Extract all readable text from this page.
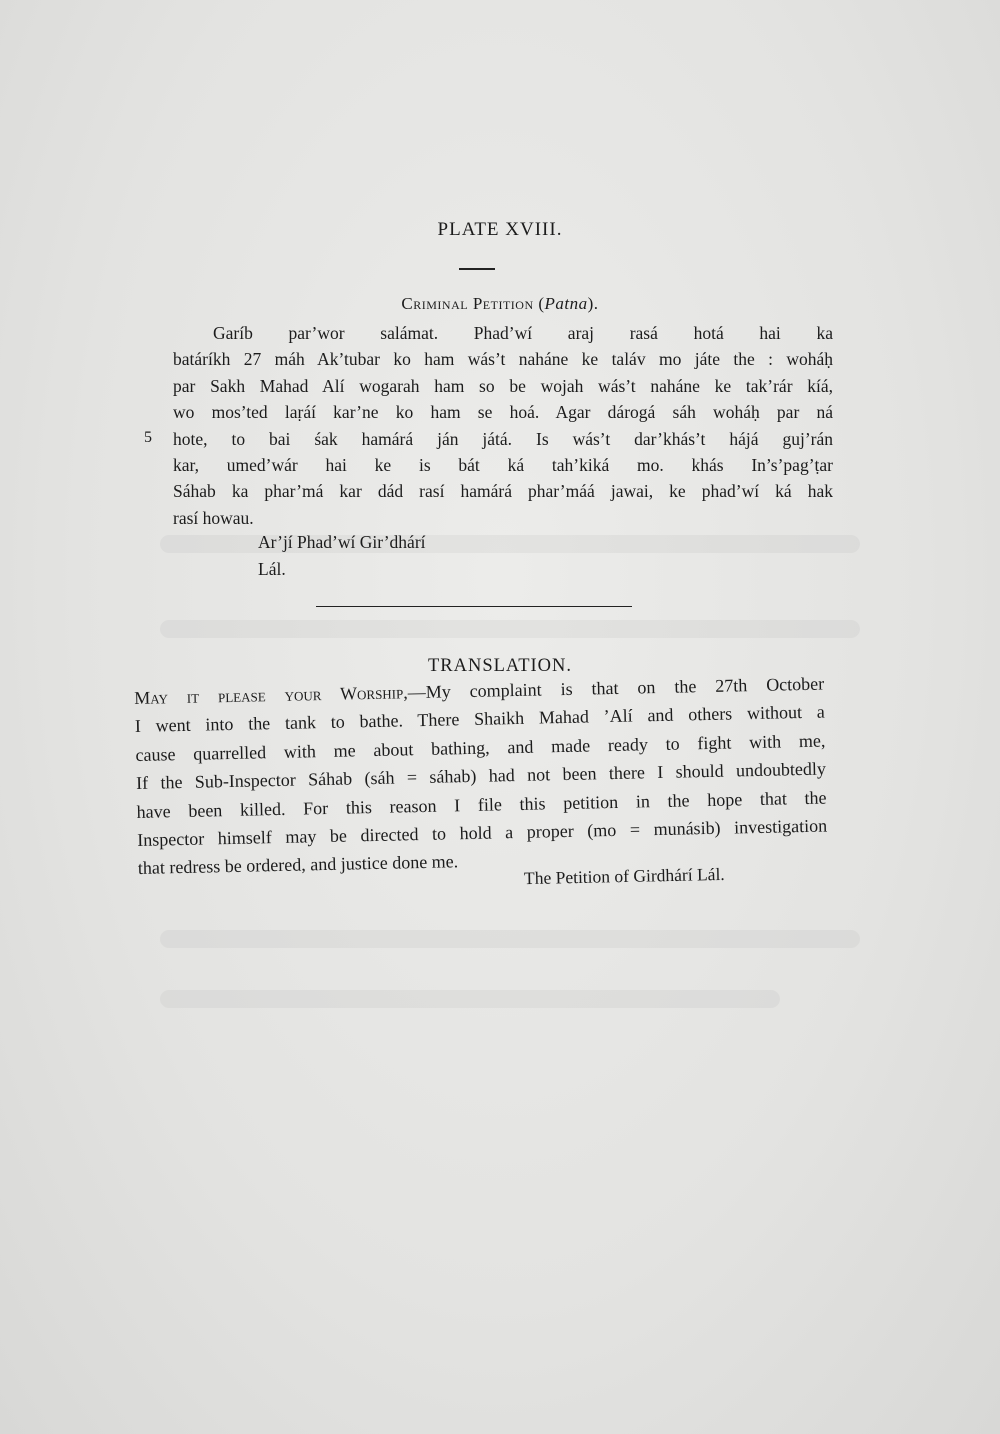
PLATE XVIII.
Criminal Petition (Patna).
5
Garíb par’wor salámat. Phad’wí araj rasá hotá hai ka
batáríkh 27 máh Ak’tubar ko ham wás’t naháne ke taláv mo játe the : woháḥ
par Sakh Mahad Alí wogarah ham so be wojah wás’t naháne ke tak’rár kíá,
wo mos’ted laṛáí kar’ne ko ham se hoá. Agar dárogá sáh woháḥ par ná
hote, to bai śak hamárá ján játá. Is wás’t dar’khás’t hájá guj’rán
kar, umed’wár hai ke is bát ká tah’kiká mo. khás In’s’pag’ṭar
Sáhab ka phar’má kar dád rasí hamárá phar’máá jawai, ke phad’wí ká hak
rasí howau.
Ar’jí Phad’wí Gir’dhárí
Lál.
TRANSLATION.
May it please your Worship,—My complaint is that on the 27th October
I went into the tank to bathe. There Shaikh Mahad ’Alí and others without a
cause quarrelled with me about bathing, and made ready to fight with me,
If the Sub-Inspector Sáhab (sáh = sáhab) had not been there I should undoubtedly
have been killed. For this reason I file this petition in the hope that the
Inspector himself may be directed to hold a proper (mo = munásib) investigation
that redress be ordered, and justice done me.	The Petition of Girdhárí Lál.
